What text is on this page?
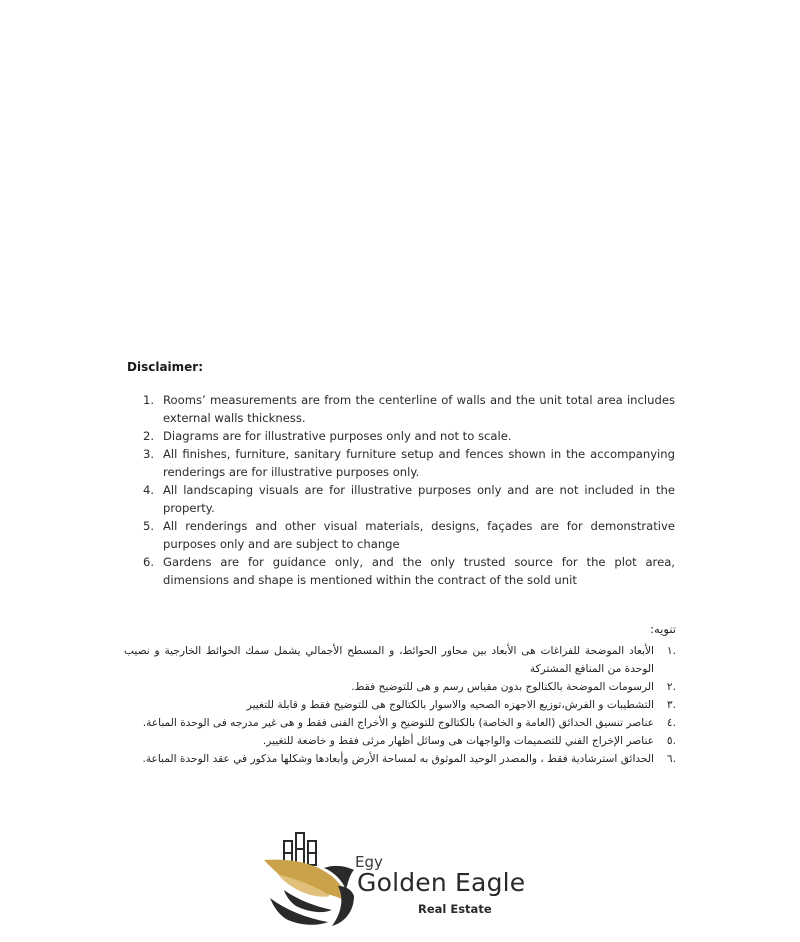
Disclaimer:
1. Rooms’ measurements are from the centerline of walls and the unit total area includes external walls thickness.
2. Diagrams are for illustrative purposes only and not to scale.
3. All finishes, furniture, sanitary furniture setup and fences shown in the accompanying renderings are for illustrative purposes only.
4. All landscaping visuals are for illustrative purposes only and are not included in the property.
5. All renderings and other visual materials, designs, façades are for demonstrative purposes only and are subject to change
6. Gardens are for guidance only, and the only trusted source for the plot area, dimensions and shape is mentioned within the contract of the sold unit
تنويه:
.١
الأبعاد الموضحة للفراغات هى الأبعاد بين محاور الحوائط، و المسطح الأجمالي يشمل سمك الحوائط الخارجية و نصيب الوحدة من المنافع المشتركة
.٢
الرسومات الموضحة بالكتالوج بدون مقياس رسم و هى للتوضيح فقط.
.٣
التشطيبات و الفرش،توزيع الاجهزه الصحيه والاسوار بالكتالوج هى للتوضيح فقط و قابلة للتغيير
.٤
عناصر تنسيق الحدائق (العامة و الخاصة) بالكتالوج للتوضيح و الأخراج الفنى فقط و هى غير مدرجه فى الوحدة المباعة.
.٥
عناصر الإخراج الفني للتصميمات والواجهات هى وسائل أظهار مرئى فقط و خاضعة للتغيير.
.٦
الحدائق استرشادية فقط ، والمصدر الوحيد الموثوق به لمساحة الأرض وأبعادها وشكلها مذكور في عقد الوحدة المباعة.
Egy
Golden Eagle
Real Estate
